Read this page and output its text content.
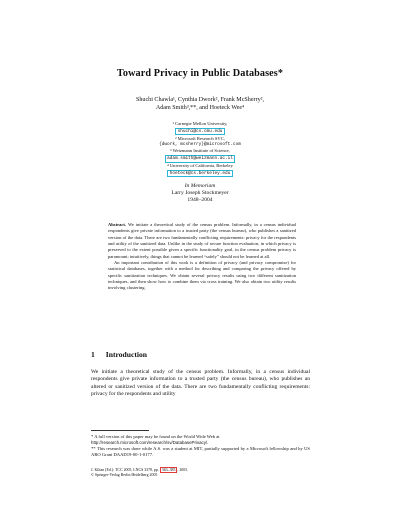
Toward Privacy in Public Databases*
Shuchi Chawla¹, Cynthia Dwork², Frank McSherry²,
Adam Smith³,**, and Hoeteck Wee⁴
¹ Carnegie Mellon University,
shuchi@cs.cmu.edu
² Microsoft Research SVC,
{dwork, mcsherry}@microsoft.com
³ Weizmann Institute of Science,
adam.smith@weizmann.ac.il
⁴ University of California, Berkeley
hoeteck@cs.berkeley.edu
In Memoriam
Larry Joseph Stockmeyer
1948–2004

Abstract. We initiate a theoretical study of the census problem. Informally, in a census individual respondents give private information to a trusted party (the census bureau), who publishes a sanitized version of the data. There are two fundamentally conflicting requirements: privacy for the respondents and utility of the sanitized data. Unlike in the study of secure function evaluation, in which privacy is preserved to the extent possible given a specific functionality goal, in the census problem privacy is paramount; intuitively, things that cannot be learned “safely” should not be learned at all.

An important contribution of this work is a definition of privacy (and privacy compromise) for statistical databases, together with a method for describing and comparing the privacy offered by specific sanitization techniques. We obtain several privacy results using two different sanitization techniques, and then show how to combine them via cross training. We also obtain two utility results involving clustering.

1 Introduction
We initiate a theoretical study of the census problem. Informally, in a census individual respondents give private information to a trusted party (the census bureau), who publishes an altered or sanitized version of the data. There are two fundamentally conflicting requirements: privacy for the respondents and utility
* A full version of this paper may be found on the World Wide Web at
http://research.microsoft.com/research/sv/DatabasePrivacy/.
** This research was done while A.S. was a student at MIT, partially supported by a Microsoft fellowship and by US ARO Grant DAAD19-00-1-0177.
J. Kilian (Ed.): TCC 2005, LNCS 3378, pp. 363–385 , 2005.
© Springer-Verlag Berlin Heidelberg 2005
